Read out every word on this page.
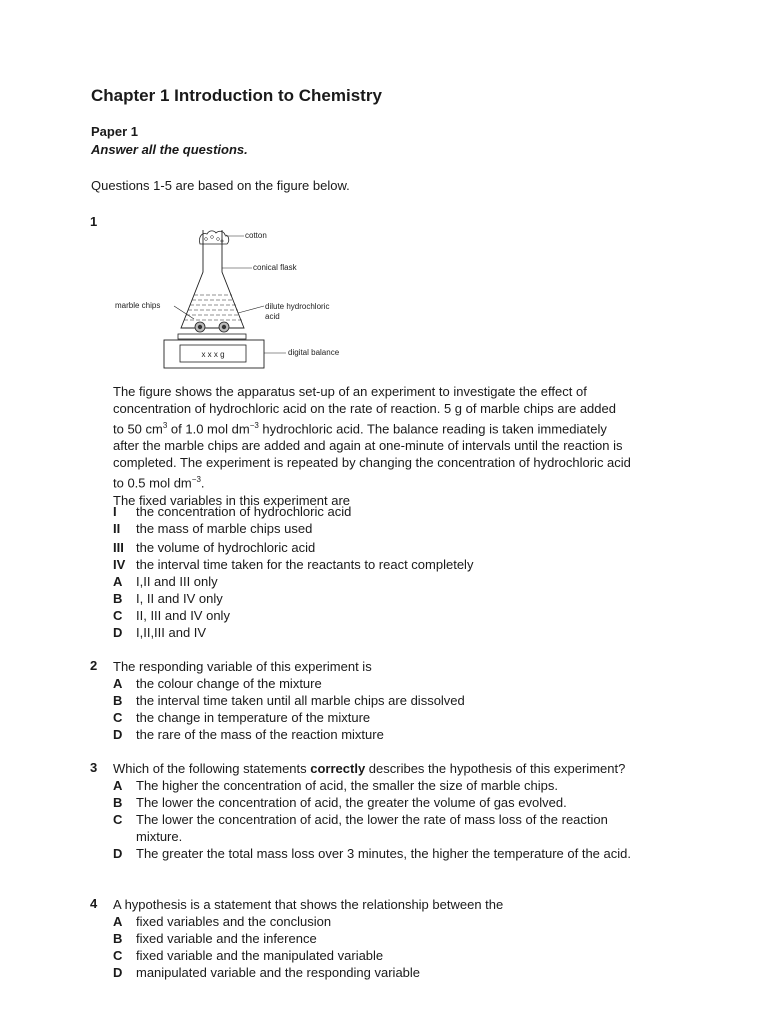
Chapter 1 Introduction to Chemistry
Paper 1
Answer all the questions.
Questions 1-5 are based on the figure below.
1
x x x g
cotton
conical flask
marble chips	dilute hydrochloric
acid
digital balance
The figure shows the apparatus set-up of an experiment to investigate the effect of
concentration of hydrochloric acid on the rate of reaction. 5 g of marble chips are added
to 50 $cm^3$ of 1.0 mol $dm^{-3}$ hydrochloric acid. The balance reading is taken immediately
after the marble chips are added and again at one-minute of intervals until the reaction is
completed. The experiment is repeated by changing the concentration of hydrochloric acid
to 0.5 mol $dm^{-3}$.
The fixed variables in this experiment are
I the concentration of hydrochloric acid
II the mass of marble chips used
III the volume of hydrochloric acid
IV the interval time taken for the reactants to react completely
A I,II and III only
B I, II and IV only
C II, III and IV only
D I,II,III and IV
2 The responding variable of this experiment is
A the colour change of the mixture
B the interval time taken until all marble chips are dissolved
C the change in temperature of the mixture
D the rare of the mass of the reaction mixture
3 Which of the following statements correctly describes the hypothesis of this experiment?
A The higher the concentration of acid, the smaller the size of marble chips.
B The lower the concentration of acid, the greater the volume of gas evolved.
C The lower the concentration of acid, the lower the rate of mass loss of the reaction mixture.
D The greater the total mass loss over 3 minutes, the higher the temperature of the acid.
4 A hypothesis is a statement that shows the relationship between the
A fixed variables and the conclusion
B fixed variable and the inference
C fixed variable and the manipulated variable
D manipulated variable and the responding variable
